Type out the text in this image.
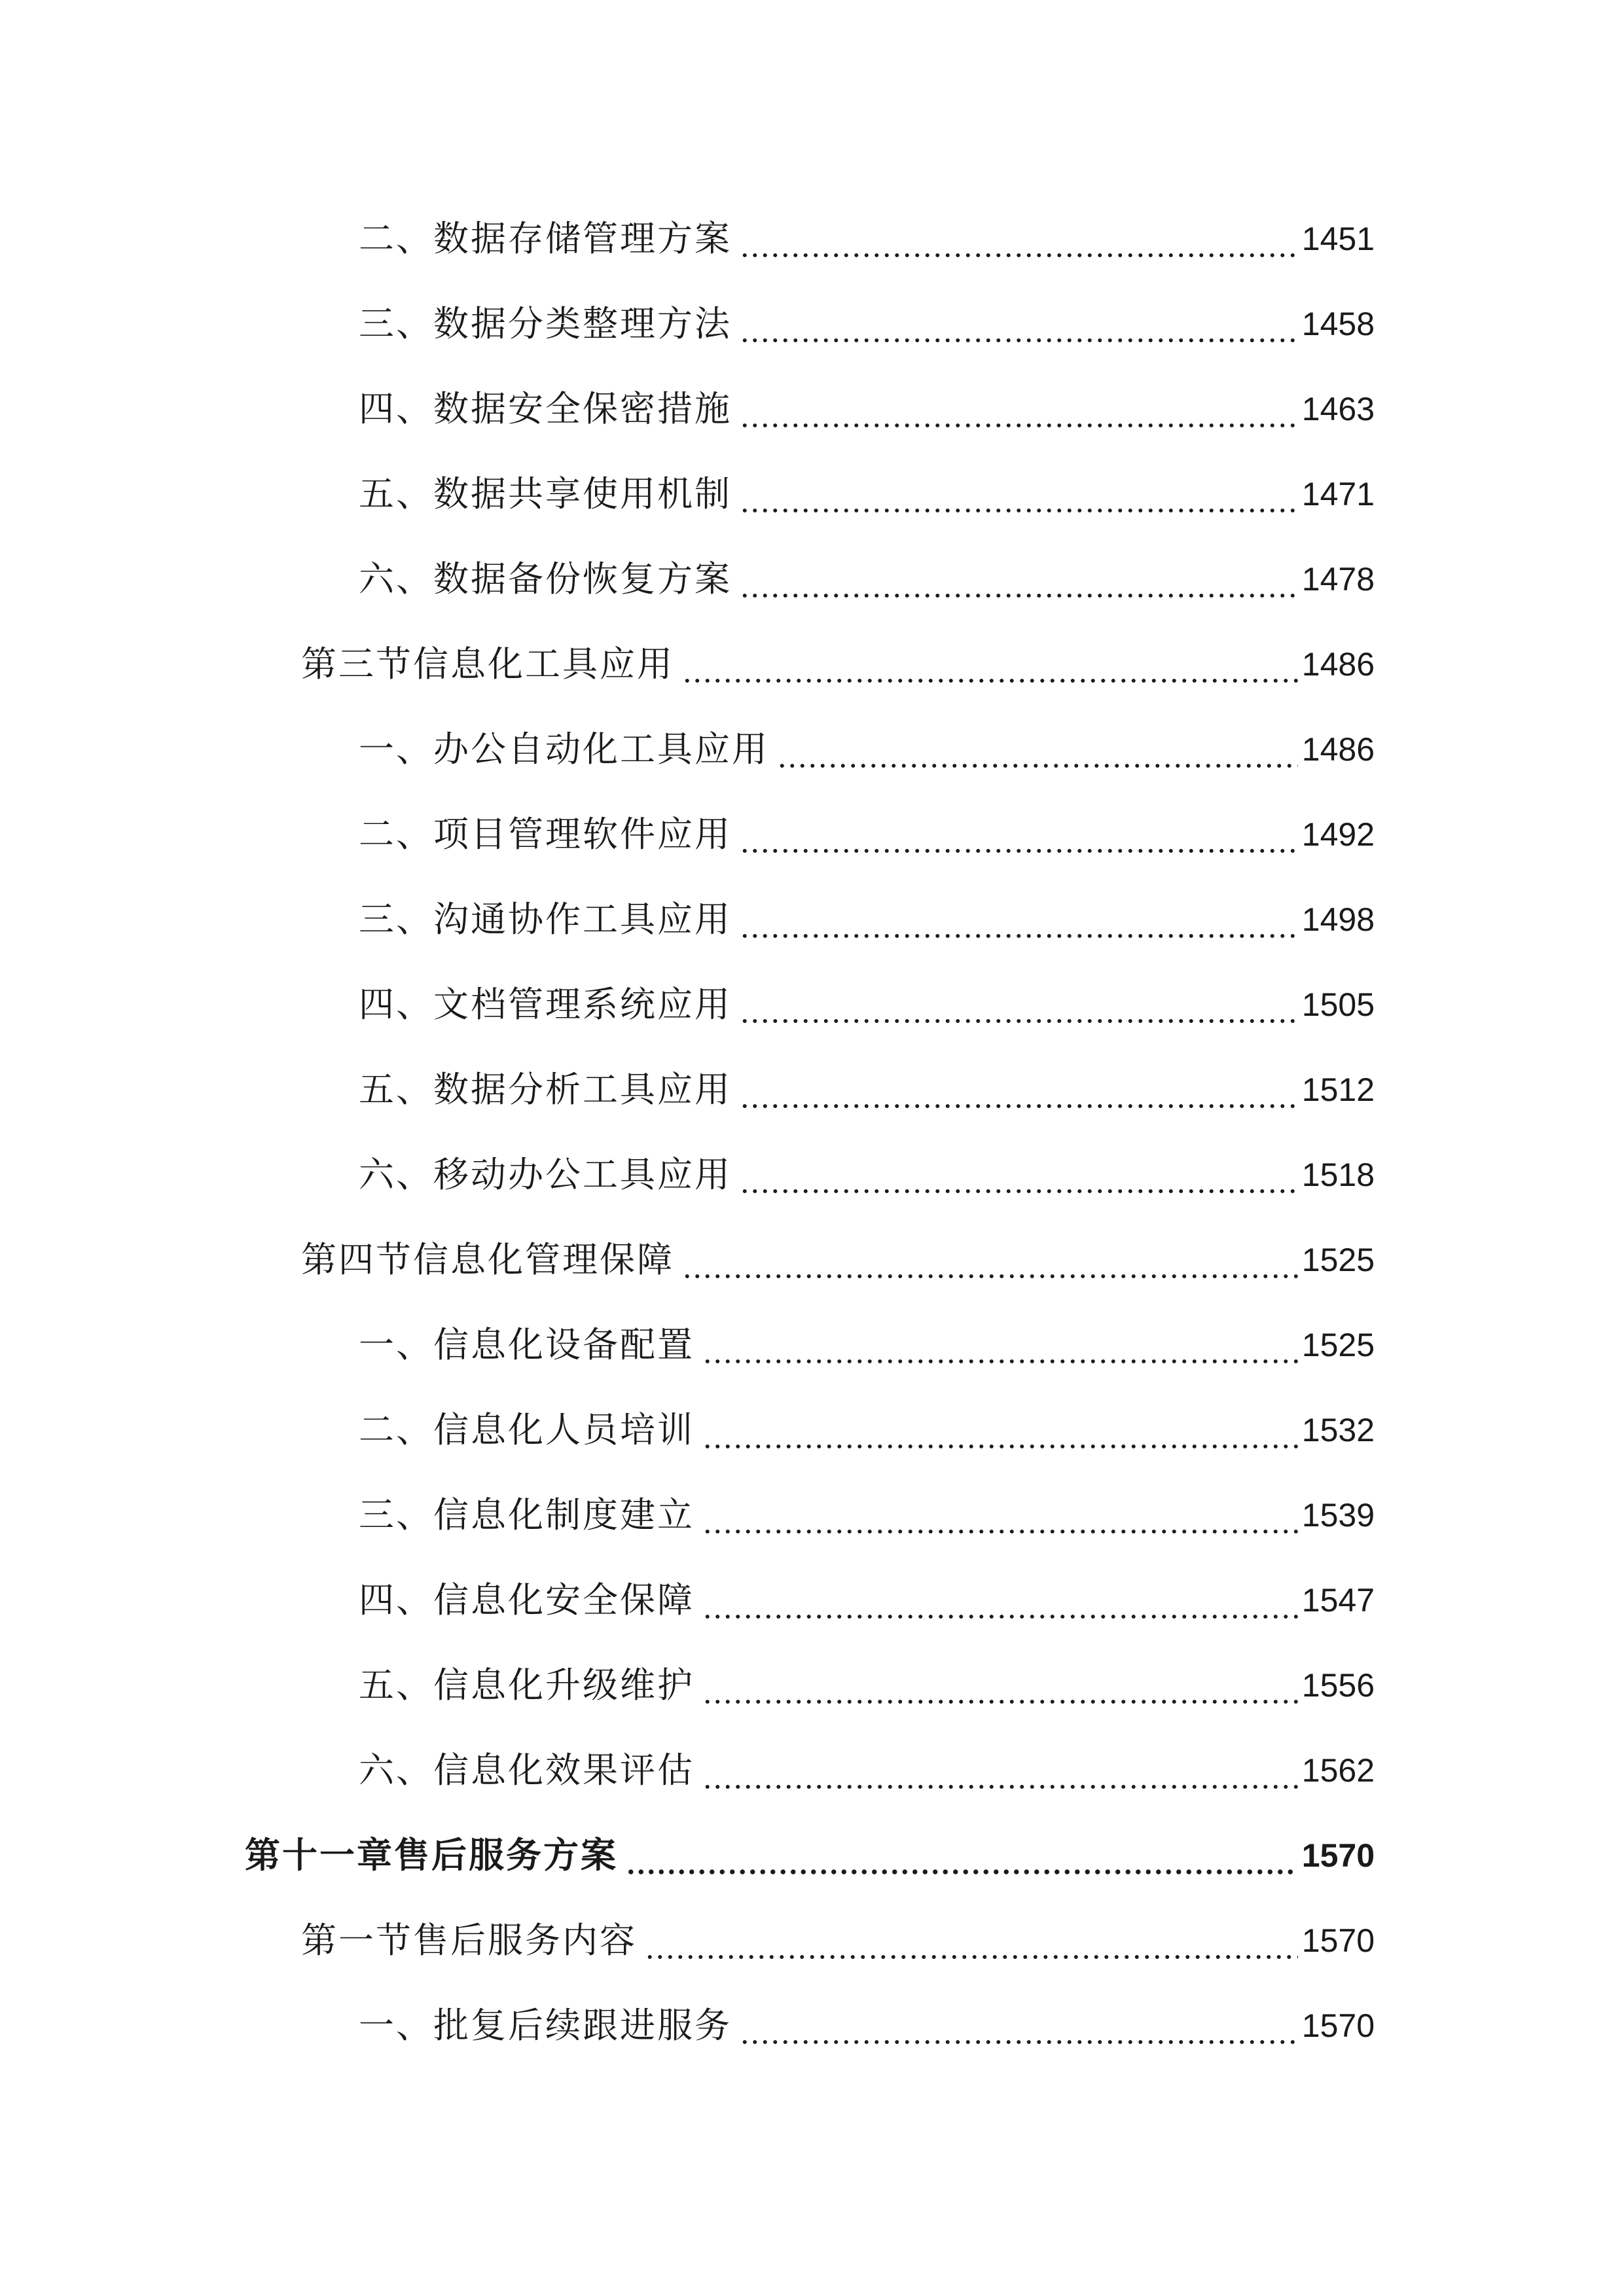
二、数据存储管理方案	1451
三、数据分类整理方法	1458
四、数据安全保密措施	1463
五、数据共享使用机制	1471
六、数据备份恢复方案	1478
第三节信息化工具应用	1486
一、办公自动化工具应用	1486
二、项目管理软件应用	1492
三、沟通协作工具应用	1498
四、文档管理系统应用	1505
五、数据分析工具应用	1512
六、移动办公工具应用	1518
第四节信息化管理保障	1525
一、信息化设备配置	1525
二、信息化人员培训	1532
三、信息化制度建立	1539
四、信息化安全保障	1547
五、信息化升级维护	1556
六、信息化效果评估	1562
第十一章售后服务方案	1570
第一节售后服务内容	1570
一、批复后续跟进服务	1570
